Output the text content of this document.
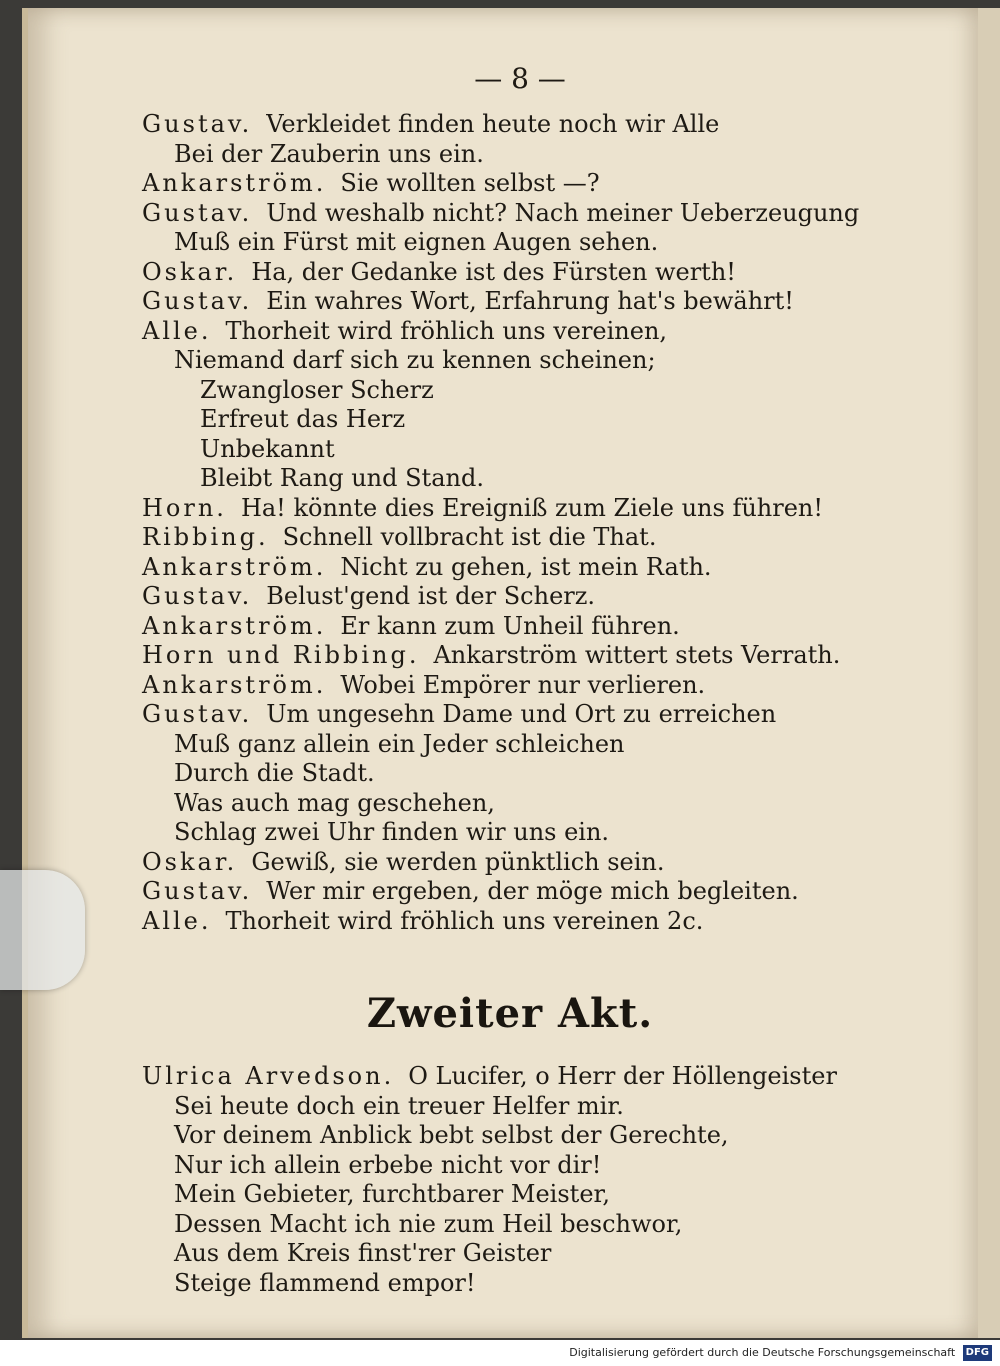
— 8 —
Gustav. Verkleidet finden heute noch wir Alle
Bei der Zauberin uns ein.
Ankarström. Sie wollten selbst —?
Gustav. Und weshalb nicht? Nach meiner Ueberzeugung
Muß ein Fürst mit eignen Augen sehen.
Oskar. Ha, der Gedanke ist des Fürsten werth!
Gustav. Ein wahres Wort, Erfahrung hat's bewährt!
Alle. Thorheit wird fröhlich uns vereinen,
Niemand darf sich zu kennen scheinen;
Zwangloser Scherz
Erfreut das Herz
Unbekannt
Bleibt Rang und Stand.
Horn. Ha! könnte dies Ereigniß zum Ziele uns führen!
Ribbing. Schnell vollbracht ist die That.
Ankarström. Nicht zu gehen, ist mein Rath.
Gustav. Belust'gend ist der Scherz.
Ankarström. Er kann zum Unheil führen.
Horn und Ribbing. Ankarström wittert stets Verrath.
Ankarström. Wobei Empörer nur verlieren.
Gustav. Um ungesehn Dame und Ort zu erreichen
Muß ganz allein ein Jeder schleichen
Durch die Stadt.
Was auch mag geschehen,
Schlag zwei Uhr finden wir uns ein.
Oskar. Gewiß, sie werden pünktlich sein.
Gustav. Wer mir ergeben, der möge mich begleiten.
Alle. Thorheit wird fröhlich uns vereinen 2c.
Zweiter Akt.
Ulrica Arvedson. O Lucifer, o Herr der Höllengeister
Sei heute doch ein treuer Helfer mir.
Vor deinem Anblick bebt selbst der Gerechte,
Nur ich allein erbebe nicht vor dir!
Mein Gebieter, furchtbarer Meister,
Dessen Macht ich nie zum Heil beschwor,
Aus dem Kreis finst'rer Geister
Steige flammend empor!
Digitalisierung gefördert durch die Deutsche Forschungsgemeinschaft DFG
